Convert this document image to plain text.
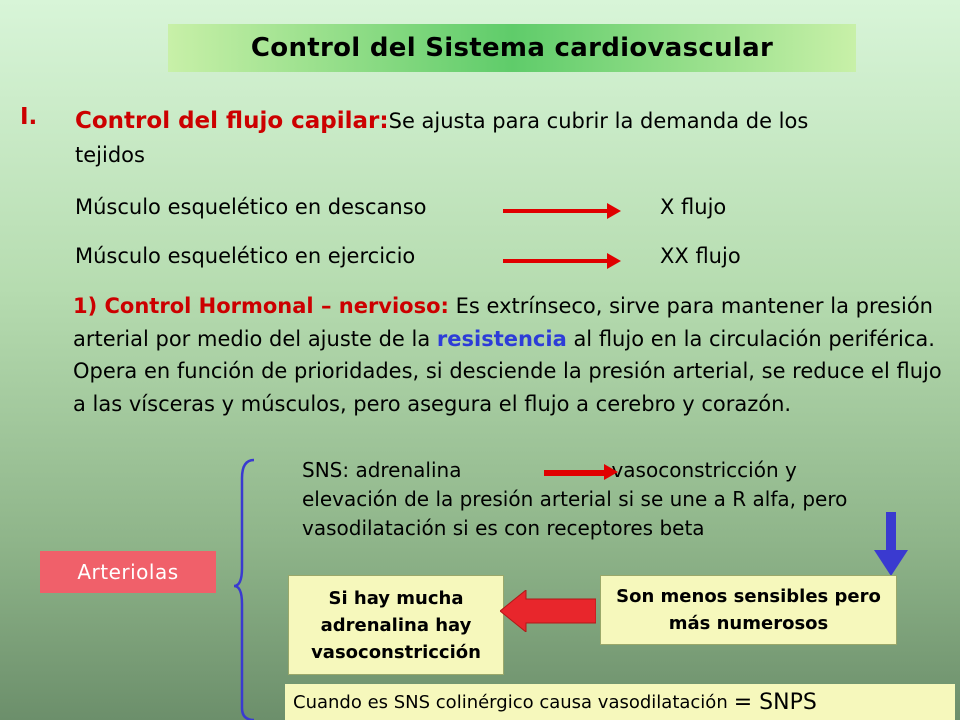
Control del Sistema cardiovascular
I. Control del flujo capilar:Se ajusta para cubrir la demanda de los
tejidos
Músculo esquelético en descanso	X flujo
Músculo esquelético en ejercicio	XX flujo
1) Control Hormonal – nervioso: Es extrínseco, sirve para mantener la presión arterial por medio del ajuste de la resistencia al flujo en la circulación periférica. Opera en función de prioridades, si desciende la presión arterial, se reduce el flujo a las vísceras y músculos, pero asegura el flujo a cerebro y corazón.
SNS: adrenalina	vasoconstricción y
elevación de la presión arterial si se une a R alfa, pero vasodilatación si es con receptores beta
Arteriolas
Si hay mucha adrenalina hay vasoconstricción
Son menos sensibles pero más numerosos
Cuando es SNS colinérgico causa vasodilatación = SNPS
